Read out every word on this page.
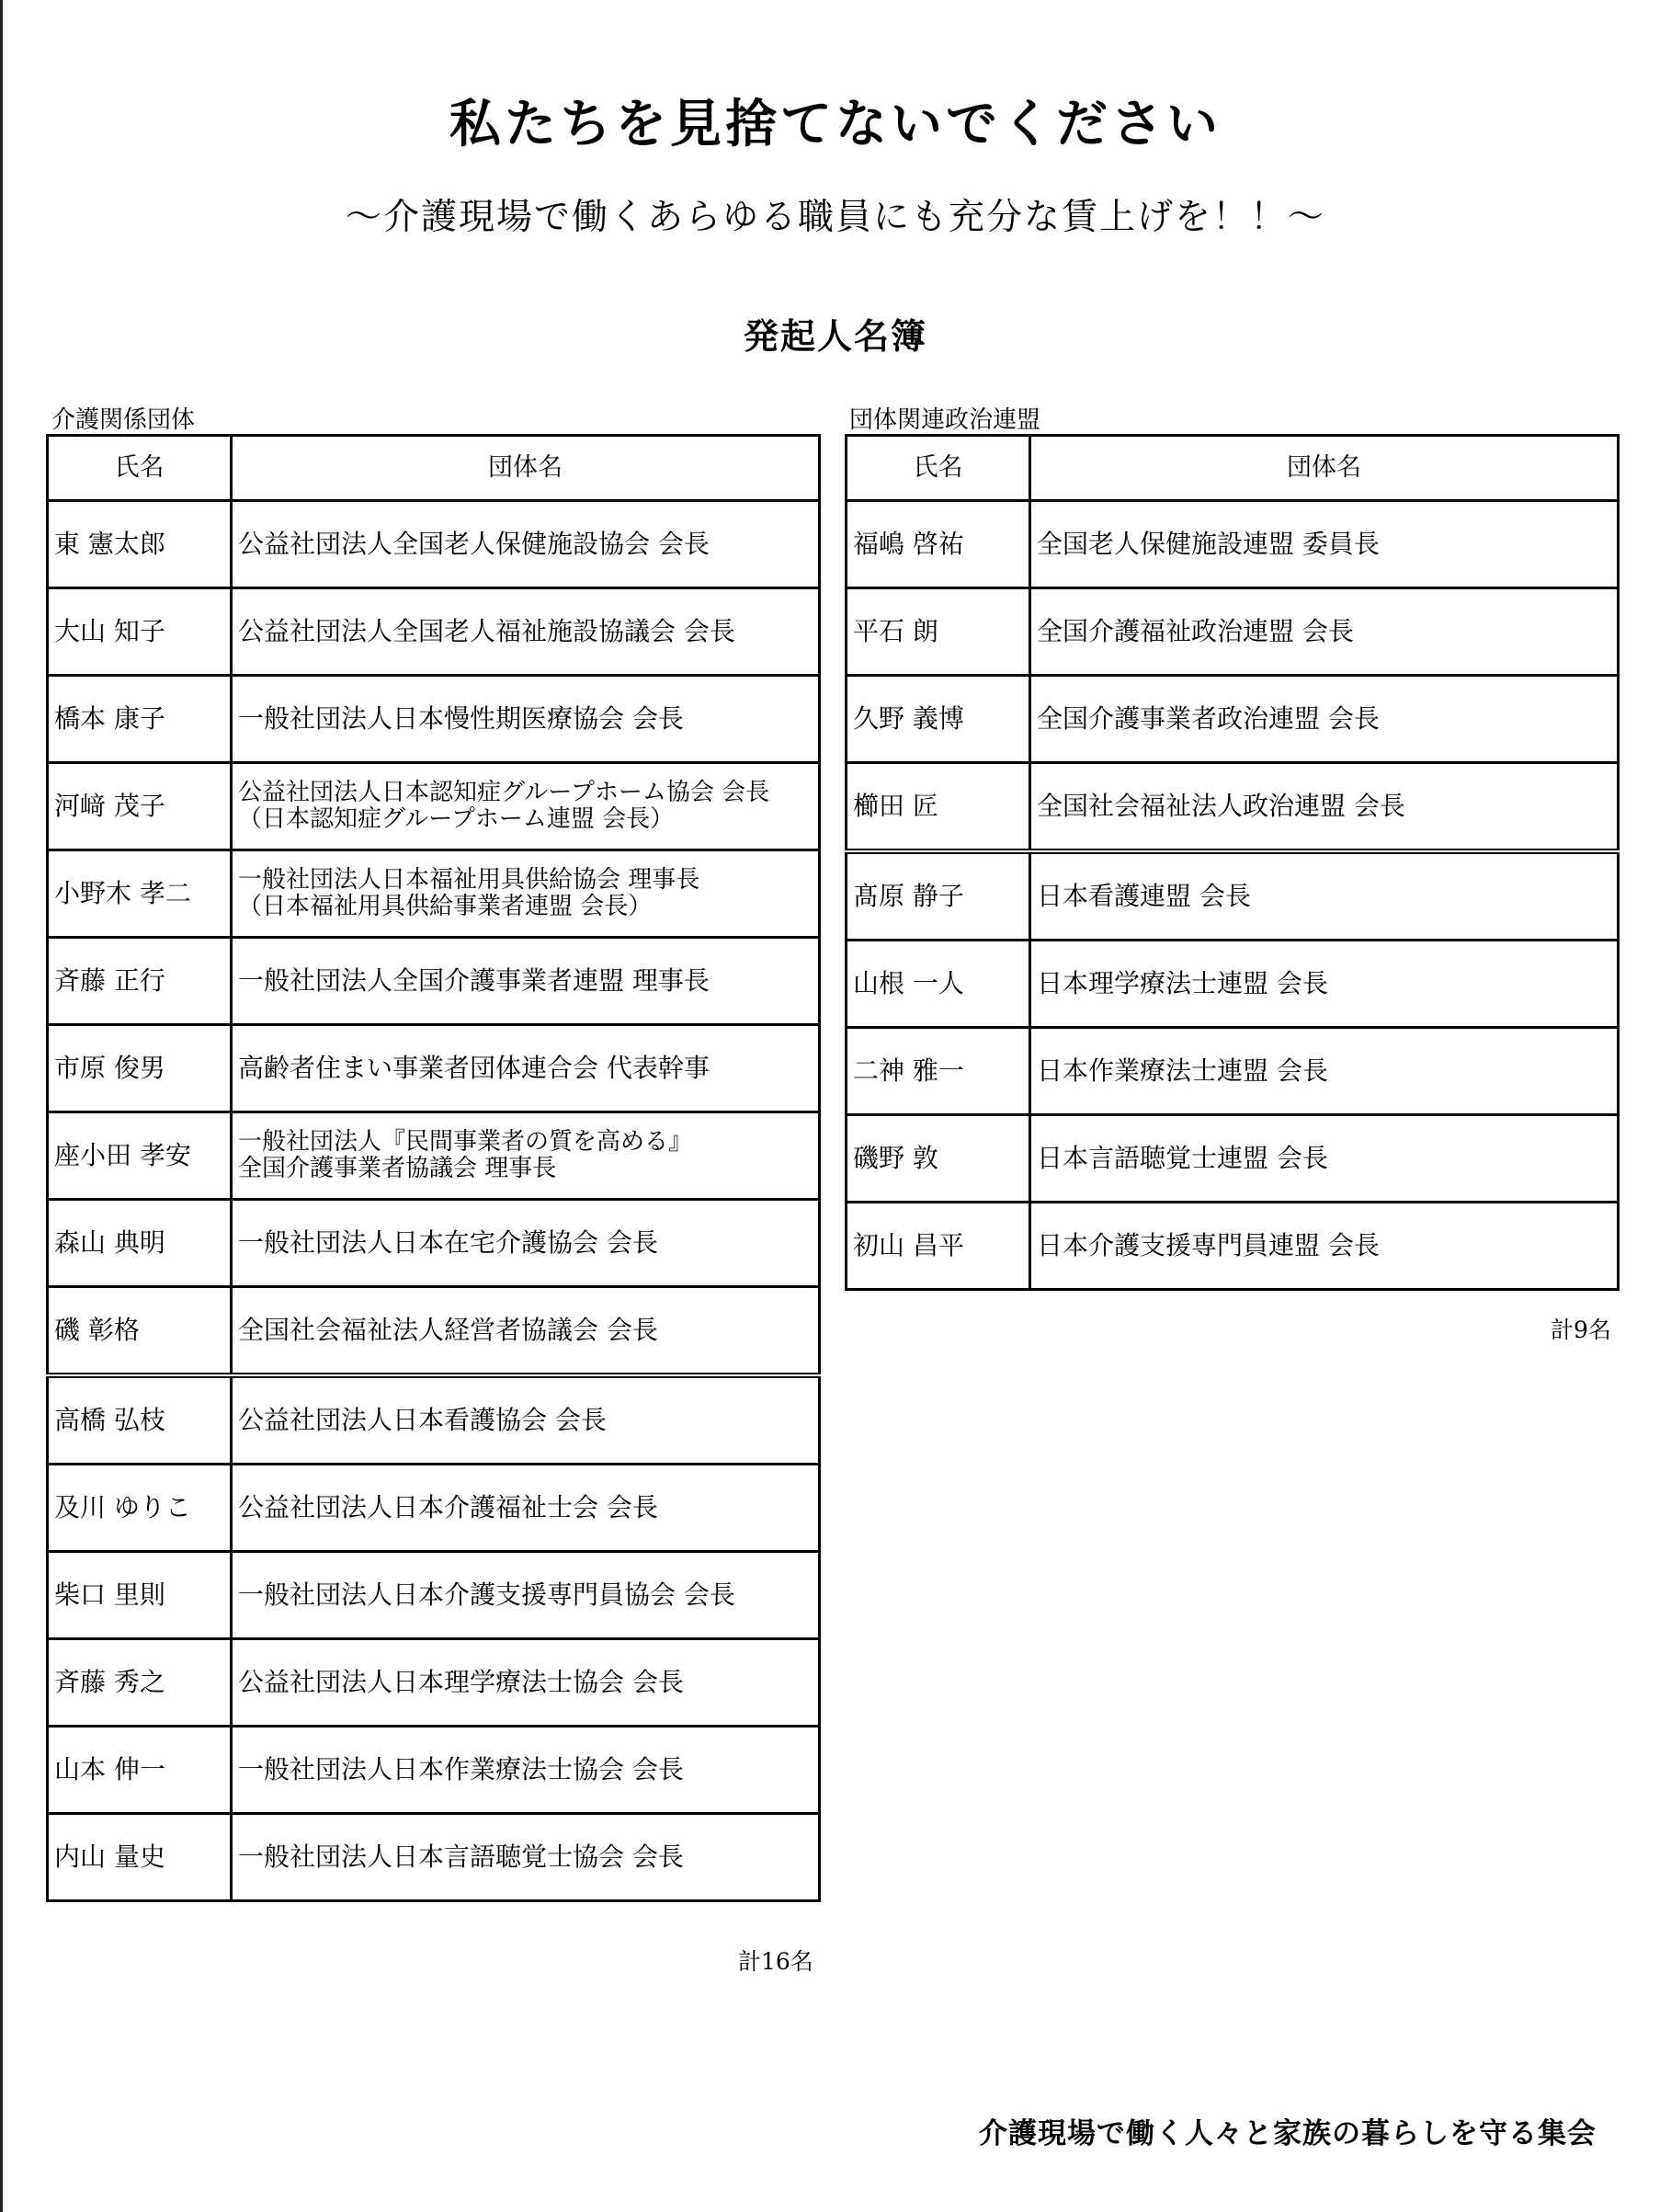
私たちを見捨てないでください
～介護現場で働くあらゆる職員にも充分な賃上げを！！～
発起人名簿
介護関係団体	団体関連政治連盟
氏名	団体名
東 憲太郎	公益社団法人全国老人保健施設協会 会長
大山 知子	公益社団法人全国老人福祉施設協議会 会長
橋本 康子	一般社団法人日本慢性期医療協会 会長
河﨑 茂子	公益社団法人日本認知症グループホーム協会 会長
（日本認知症グループホーム連盟 会長）

小野木 孝二	一般社団法人日本福祉用具供給協会 理事長
（日本福祉用具供給事業者連盟 会長）

斉藤 正行	一般社団法人全国介護事業者連盟 理事長
市原 俊男	高齢者住まい事業者団体連合会 代表幹事
座小田 孝安	一般社団法人『民間事業者の質を高める』
全国介護事業者協議会 理事長

森山 典明	一般社団法人日本在宅介護協会 会長
磯 彰格	全国社会福祉法人経営者協議会 会長
高橋 弘枝	公益社団法人日本看護協会 会長
及川 ゆりこ	公益社団法人日本介護福祉士会 会長
柴口 里則	一般社団法人日本介護支援専門員協会 会長
斉藤 秀之	公益社団法人日本理学療法士協会 会長
山本 伸一	一般社団法人日本作業療法士協会 会長
内山 量史	一般社団法人日本言語聴覚士協会 会長
氏名	団体名
福嶋 啓祐	全国老人保健施設連盟 委員長
平石 朗	全国介護福祉政治連盟 会長
久野 義博	全国介護事業者政治連盟 会長
櫛田 匠	全国社会福祉法人政治連盟 会長
髙原 静子	日本看護連盟 会長
山根 一人	日本理学療法士連盟 会長
二神 雅一	日本作業療法士連盟 会長
磯野 敦	日本言語聴覚士連盟 会長
初山 昌平	日本介護支援専門員連盟 会長
計16名
計9名
介護現場で働く人々と家族の暮らしを守る集会
